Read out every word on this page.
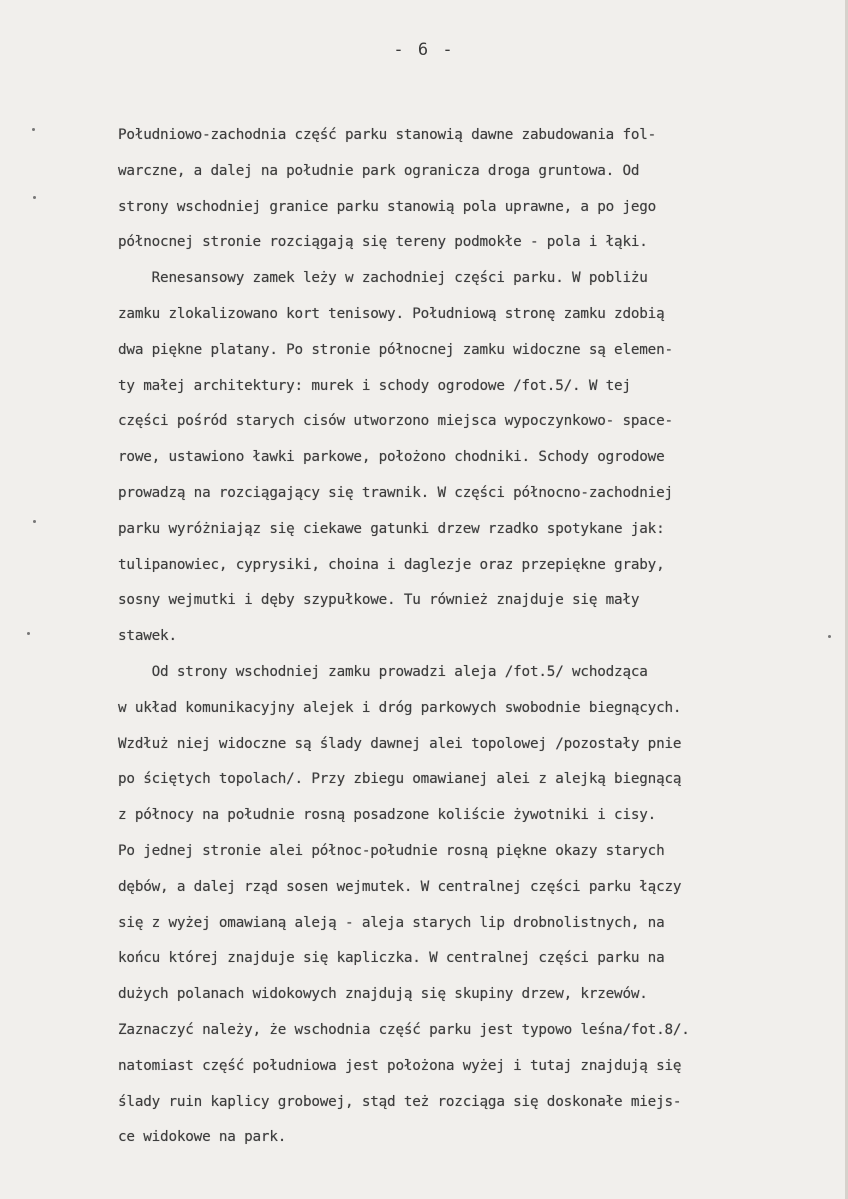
- 6 -
Południowo-zachodnia część parku stanowią dawne zabudowania fol-
warczne, a dalej na południe park ogranicza droga gruntowa. Od
strony wschodniej granice parku stanowią pola uprawne, a po jego
północnej stronie rozciągają się tereny podmokłe - pola i łąki.
Renesansowy zamek leży w zachodniej części parku. W pobliżu
zamku zlokalizowano kort tenisowy. Południową stronę zamku zdobią
dwa piękne platany. Po stronie północnej zamku widoczne są elemen-
ty małej architektury: murek i schody ogrodowe /fot.5/. W tej
części pośród starych cisów utworzono miejsca wypoczynkowo- space-
rowe, ustawiono ławki parkowe, położono chodniki. Schody ogrodowe
prowadzą na rozciągający się trawnik. W części północno-zachodniej
parku wyróżniająz się ciekawe gatunki drzew rzadko spotykane jak:
tulipanowiec, cyprysiki, choina i daglezje oraz przepiękne graby,
sosny wejmutki i dęby szypułkowe. Tu również znajduje się mały
stawek.
Od strony wschodniej zamku prowadzi aleja /fot.5/ wchodząca
w układ komunikacyjny alejek i dróg parkowych swobodnie biegnących.
Wzdłuż niej widoczne są ślady dawnej alei topolowej /pozostały pnie
po ściętych topolach/. Przy zbiegu omawianej alei z alejką biegnącą
z północy na południe rosną posadzone koliście żywotniki i cisy.
Po jednej stronie alei północ-południe rosną piękne okazy starych
dębów, a dalej rząd sosen wejmutek. W centralnej części parku łączy
się z wyżej omawianą aleją - aleja starych lip drobnolistnych, na
końcu której znajduje się kapliczka. W centralnej części parku na
dużych polanach widokowych znajdują się skupiny drzew, krzewów.
Zaznaczyć należy, że wschodnia część parku jest typowo leśna/fot.8/.
natomiast część południowa jest położona wyżej i tutaj znajdują się
ślady ruin kaplicy grobowej, stąd też rozciąga się doskonałe miejs-
ce widokowe na park.
